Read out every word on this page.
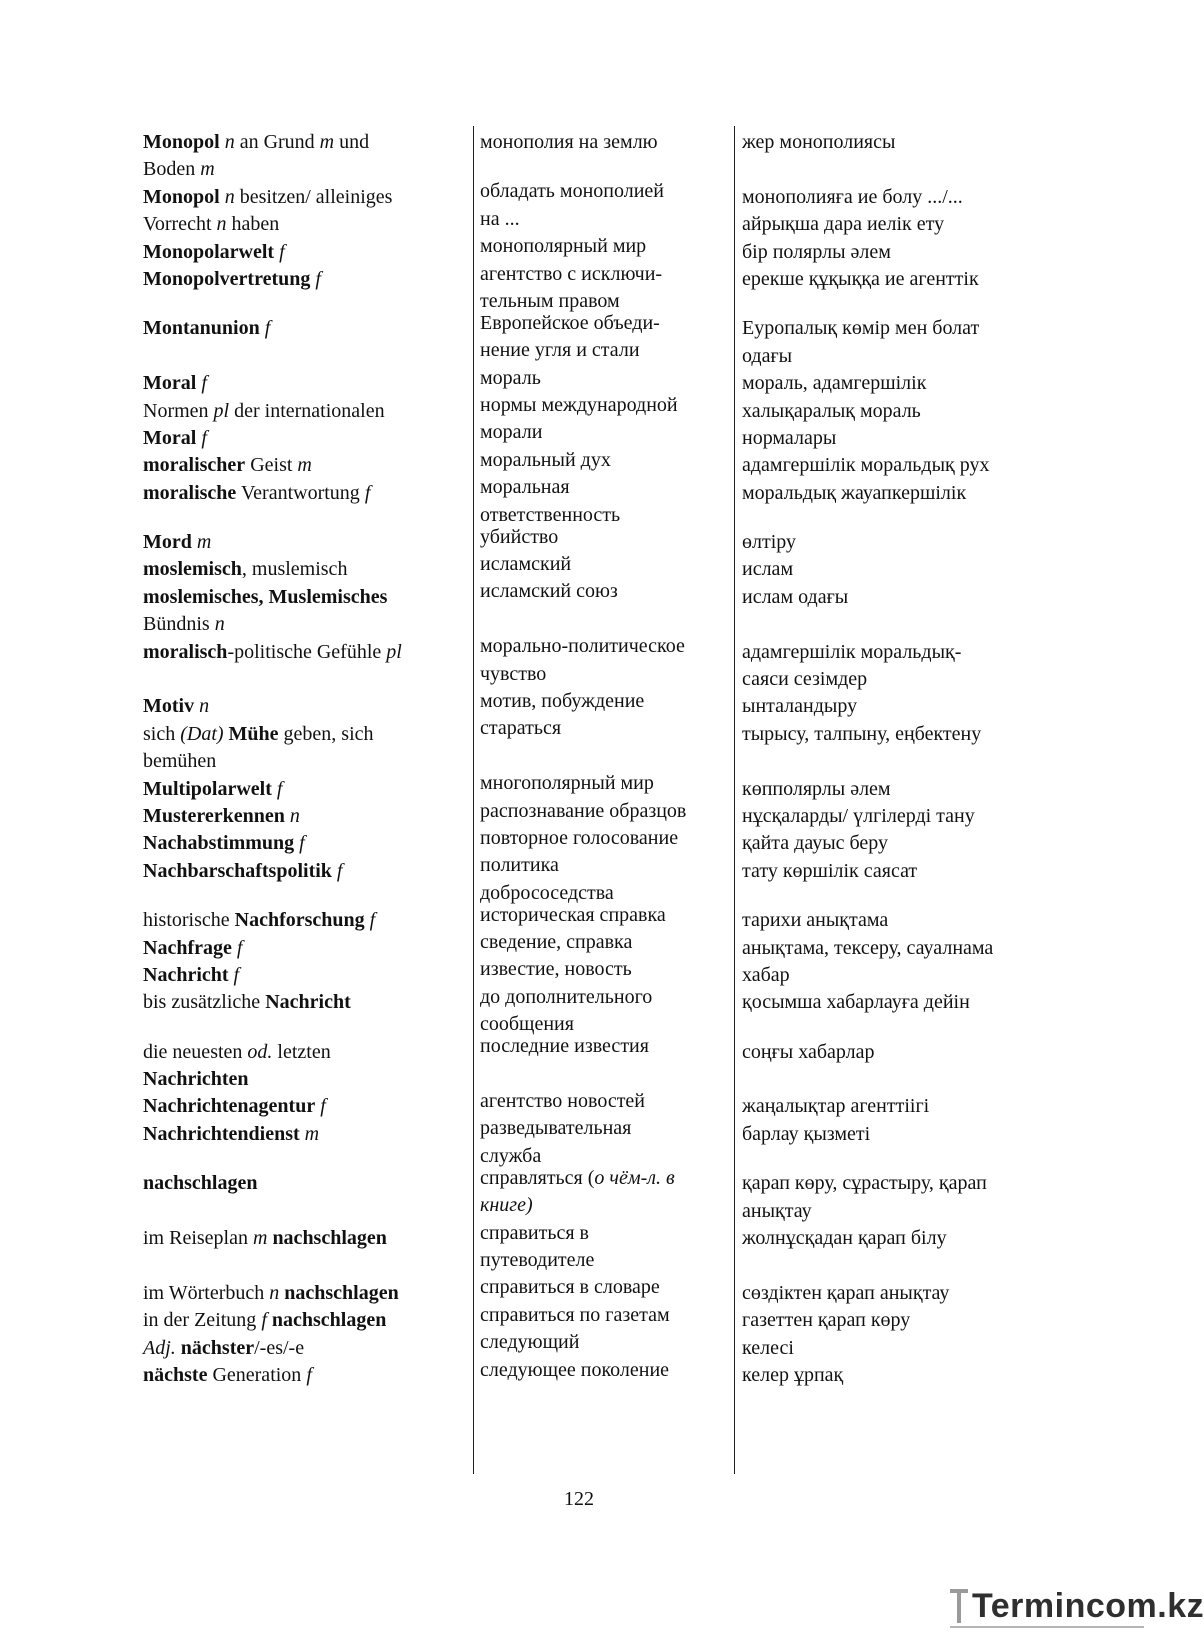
Monopol n an Grund m und
Boden m
Monopol n besitzen/ alleiniges
Vorrecht n haben
Monopolarwelt f
Monopolvertretung f
Montanunion f
Moral f
Normen pl der internationalen
Moral f
moralischer Geist m
moralische Verantwortung f
Mord m
moslemisch, muslemisch
moslemisches, Muslemisches
Bündnis n
moralisch-politische Gefühle pl
Motiv n
sich (Dat) Mühe geben, sich
bemühen
Multipolarwelt f
Mustererkennen n
Nachabstimmung f
Nachbarschaftspolitik f
historische Nachforschung f
Nachfrage f
Nachricht f
bis zusätzliche Nachricht
die neuesten od. letzten
Nachrichten
Nachrichtenagentur f
Nachrichtendienst m
nachschlagen
im Reiseplan m nachschlagen
im Wörterbuch n nachschlagen
in der Zeitung f nachschlagen
Adj. nächster/-es/-e
nächste Generation f
монополия на землю
обладать монополией
на ...
монополярный мир
агентство с исключи-
тельным правом
Европейское объеди-
нение угля и стали
мораль
нормы международной
морали
моральный дух
моральная
ответственность
убийство
исламский
исламский союз
морально-политическое
чувство
мотив, побуждение
стараться
многополярный мир
распознавание образцов
повторное голосование
политика
добрососедства
историческая справка
сведение, справка
известие, новость
до дополнительного
сообщения
последние известия
агентство новостей
разведывательная
служба
справляться (о чём-л. в
книге)
справиться в
путеводителе
справиться в словаре
справиться по газетам
следующий
следующее поколение
жер монополиясы
монополияға ие болу .../...
айрықша дара иелік ету
бір полярлы әлем
ерекше құқыққа ие агенттік
Еуропалық көмір мен болат
одағы
мораль, адамгершілік
халықаралық мораль
нормалары
адамгершілік моральдық рух
моральдық жауапкершілік
өлтіру
ислам
ислам одағы
адамгершілік моральдық-
саяси сезімдер
ынталандыру
тырысу, талпыну, еңбектену
көпполярлы әлем
нұсқаларды/ үлгілерді тану
қайта дауыс беру
тату көршілік саясат
тарихи анықтама
анықтама, тексеру, сауалнама
хабар
қосымша хабарлауға дейін
соңғы хабарлар
жаңалықтар агенттіігі
барлау қызметі
қарап көру, сұрастыру, қарап
анықтау
жолнұсқадан қарап білу
сөздіктен қарап анықтау
газеттен қарап көру
келесі
келер ұрпақ
122
Termincom.kz
